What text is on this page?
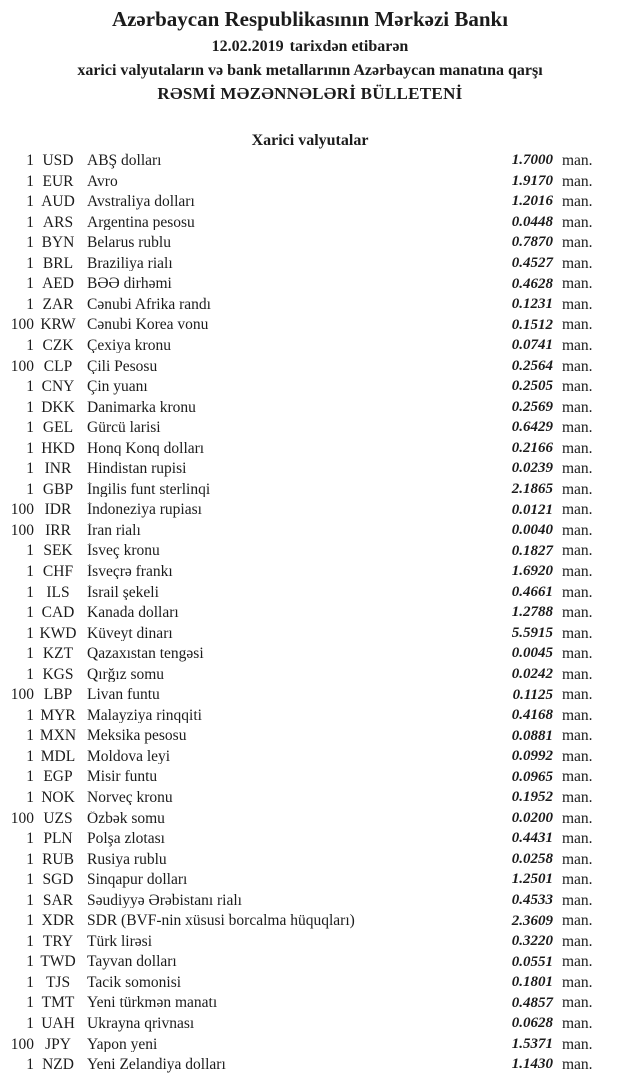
Azərbaycan Respublikasının Mərkəzi Bankı
12.02.2019 tarixdən etibarən
xarici valyutaların və bank metallarının Azərbaycan manatına qarşı
RƏSMİ MƏZƏNNƏLƏRİ BÜLLETENİ
Xarici valyutalar
1 USD ABŞ dolları	1.7000 man.
1 EUR Avro	1.9170 man.
1 AUD Avstraliya dolları	1.2016 man.
1 ARS Argentina pesosu	0.0448 man.
1 BYN Belarus rublu	0.7870 man.
1 BRL Braziliya rialı	0.4527 man.
1 AED BƏƏ dirhəmi	0.4628 man.
1 ZAR Cənubi Afrika randı	0.1231 man.
100 KRW Cənubi Korea vonu	0.1512 man.
1 CZK Çexiya kronu	0.0741 man.
100 CLP Çili Pesosu	0.2564 man.
1 CNY Çin yuanı	0.2505 man.
1 DKK Danimarka kronu	0.2569 man.
1 GEL Gürcü larisi	0.6429 man.
1 HKD Honq Konq dolları	0.2166 man.
1 INR	Hindistan rupisi	0.0239 man.
1 GBP İngilis funt sterlinqi	2.1865 man.
100 IDR	İndoneziya rupiası	0.0121 man.
100 IRR	İran rialı	0.0040 man.
1 SEK İsveç kronu	0.1827 man.
1 CHF İsveçrə frankı	1.6920 man.
1 ILS	İsrail şekeli	0.4661 man.
1 CAD Kanada dolları	1.2788 man.
1 KWD Küveyt dinarı	5.5915 man.
1 KZT Qazaxıstan tengəsi	0.0045 man.
1 KGS Qırğız somu	0.0242 man.
100 LBP Livan funtu	0.1125 man.
1 MYR Malayziya rinqqiti	0.4168 man.
1 MXN Meksika pesosu	0.0881 man.
1 MDL Moldova leyi	0.0992 man.
1 EGP Misir funtu	0.0965 man.
1 NOK Norveç kronu	0.1952 man.
100 UZS Özbək somu	0.0200 man.
1 PLN Polşa zlotası	0.4431 man.
1 RUB Rusiya rublu	0.0258 man.
1 SGD Sinqapur dolları	1.2501 man.
1 SAR Səudiyyə Ərəbistanı rialı	0.4533 man.
1 XDR SDR (BVF-nin xüsusi borcalma hüquqları)	2.3609 man.
1 TRY Türk lirəsi	0.3220 man.
1 TWD Tayvan dolları	0.0551 man.
1 TJS	Tacik somonisi	0.1801 man.
1 TMT Yeni türkmən manatı	0.4857 man.
1 UAH Ukrayna qrivnası	0.0628 man.
100 JPY	Yapon yeni	1.5371 man.
1 NZD Yeni Zelandiya dolları	1.1430 man.
